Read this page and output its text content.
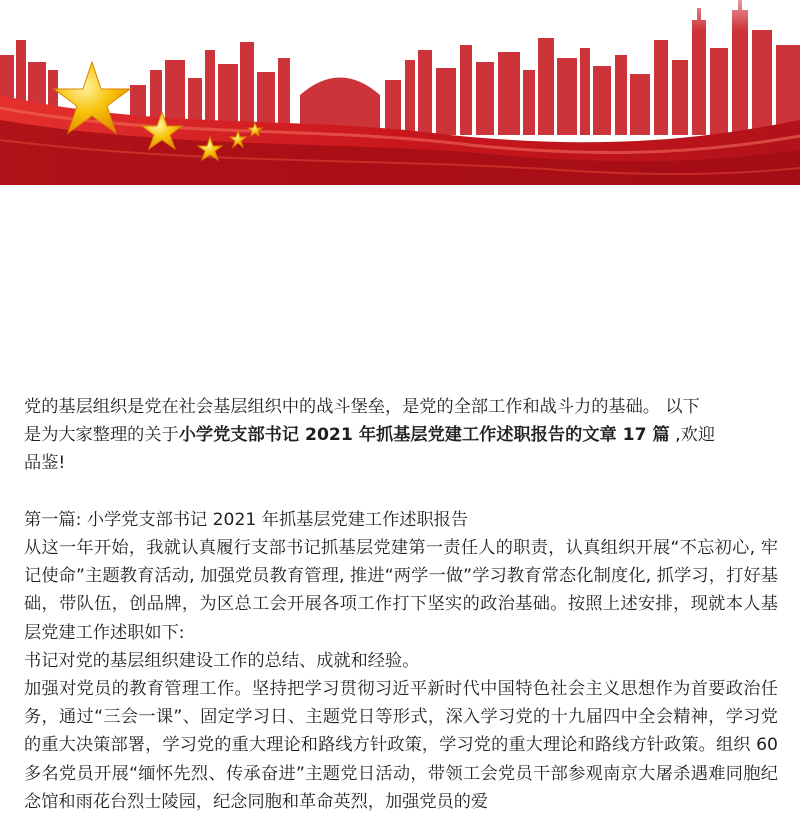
党的基层组织是党在社会基层组织中的战斗堡垒，是党的全部工作和战斗力的基础。 以下

是为大家整理的关于小学党支部书记 2021 年抓基层党建工作述职报告的文章 17 篇 ,欢迎

品鉴!

第一篇: 小学党支部书记 2021 年抓基层党建工作述职报告

从这一年开始，我就认真履行支部书记抓基层党建第一责任人的职责，认真组织开展“不忘初心, 牢记使命”主题教育活动, 加强党员教育管理, 推进“两学一做”学习教育常态化制度化, 抓学习，打好基础，带队伍，创品牌，为区总工会开展各项工作打下坚实的政治基础。按照上述安排，现就本人基层党建工作述职如下:

书记对党的基层组织建设工作的总结、成就和经验。

加强对党员的教育管理工作。坚持把学习贯彻习近平新时代中国特色社会主义思想作为首要政治任务，通过“三会一课”、固定学习日、主题党日等形式，深入学习党的十九届四中全会精神，学习党的重大决策部署，学习党的重大理论和路线方针政策，学习党的重大理论和路线方针政策。组织 60 多名党员开展“缅怀先烈、传承奋进”主题党日活动，带领工会党员干部参观南京大屠杀遇难同胞纪念馆和雨花台烈士陵园，纪念同胞和革命英烈，加强党员的爱
